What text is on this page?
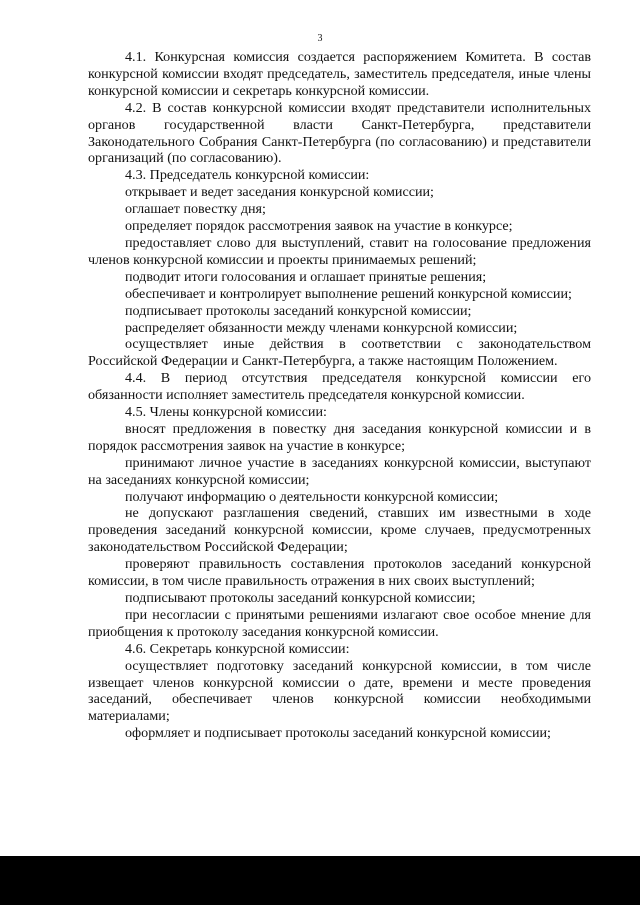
3

4.1. Конкурсная комиссия создается распоряжением Комитета. В состав конкурсной комиссии входят председатель, заместитель председателя, иные члены конкурсной комиссии и секретарь конкурсной комиссии.

4.2. В состав конкурсной комиссии входят представители исполнительных органов государственной власти Санкт-Петербурга, представители Законодательного Собрания Санкт-Петербурга (по согласованию) и представители организаций (по согласованию).

4.3. Председатель конкурсной комиссии:

открывает и ведет заседания конкурсной комиссии;

оглашает повестку дня;

определяет порядок рассмотрения заявок на участие в конкурсе;

предоставляет слово для выступлений, ставит на голосование предложения членов конкурсной комиссии и проекты принимаемых решений;

подводит итоги голосования и оглашает принятые решения;

обеспечивает и контролирует выполнение решений конкурсной комиссии;

подписывает протоколы заседаний конкурсной комиссии;

распределяет обязанности между членами конкурсной комиссии;

осуществляет иные действия в соответствии с законодательством Российской Федерации и Санкт-Петербурга, а также настоящим Положением.

4.4. В период отсутствия председателя конкурсной комиссии его обязанности исполняет заместитель председателя конкурсной комиссии.

4.5. Члены конкурсной комиссии:

вносят предложения в повестку дня заседания конкурсной комиссии и в порядок рассмотрения заявок на участие в конкурсе;

принимают личное участие в заседаниях конкурсной комиссии, выступают на заседаниях конкурсной комиссии;

получают информацию о деятельности конкурсной комиссии;

не допускают разглашения сведений, ставших им известными в ходе проведения заседаний конкурсной комиссии, кроме случаев, предусмотренных законодательством Российской Федерации;

проверяют правильность составления протоколов заседаний конкурсной комиссии, в том числе правильность отражения в них своих выступлений;

подписывают протоколы заседаний конкурсной комиссии;

при несогласии с принятыми решениями излагают свое особое мнение для приобщения к протоколу заседания конкурсной комиссии.

4.6. Секретарь конкурсной комиссии:

осуществляет подготовку заседаний конкурсной комиссии, в том числе извещает членов конкурсной комиссии о дате, времени и месте проведения заседаний, обеспечивает членов конкурсной комиссии необходимыми материалами;

оформляет и подписывает протоколы заседаний конкурсной комиссии;
